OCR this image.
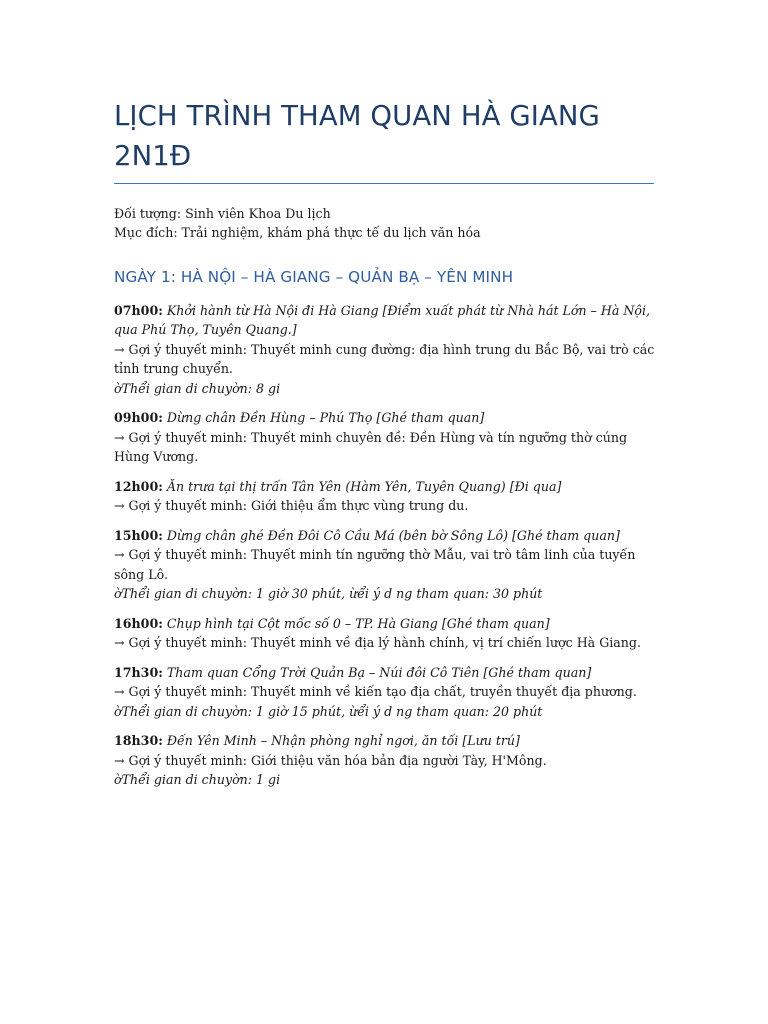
LỊCH TRÌNH THAM QUAN HÀ GIANG 2N1Đ
Đối tượng: Sinh viên Khoa Du lịch
Mục đích: Trải nghiệm, khám phá thực tế du lịch văn hóa
NGÀY 1: HÀ NỘI – HÀ GIANG – QUẢN BẠ – YÊN MINH
07h00: Khởi hành từ Hà Nội đi Hà Giang [Điểm xuất phát từ Nhà hát Lớn – Hà Nội, qua Phú Thọ, Tuyên Quang.]
→ Gợi ý thuyết minh: Thuyết minh cung đường: địa hình trung du Bắc Bộ, vai trò các tỉnh trung chuyển.
ờThểi gian di chuyờn: 8 gi
09h00: Dừng chân Đền Hùng – Phú Thọ [Ghé tham quan]
→ Gợi ý thuyết minh: Thuyết minh chuyên đề: Đền Hùng và tín ngưỡng thờ cúng Hùng Vương.
12h00: Ăn trưa tại thị trấn Tân Yên (Hàm Yên, Tuyên Quang) [Đi qua]
→ Gợi ý thuyết minh: Giới thiệu ẩm thực vùng trung du.
15h00: Dừng chân ghé Đền Đôi Cô Cầu Má (bên bờ Sông Lô) [Ghé tham quan]
→ Gợi ý thuyết minh: Thuyết minh tín ngưỡng thờ Mẫu, vai trò tâm linh của tuyến sông Lô.
ờThểi gian di chuyờn: 1 giờ 30 phút, ừểi ý d ng tham quan: 30 phút
16h00: Chụp hình tại Cột mốc số 0 – TP. Hà Giang [Ghé tham quan]
→ Gợi ý thuyết minh: Thuyết minh về địa lý hành chính, vị trí chiến lược Hà Giang.
17h30: Tham quan Cổng Trời Quản Bạ – Núi đôi Cô Tiên [Ghé tham quan]
→ Gợi ý thuyết minh: Thuyết minh về kiến tạo địa chất, truyền thuyết địa phương.
ờThểi gian di chuyờn: 1 giờ 15 phút, ừểi ý d ng tham quan: 20 phút
18h30: Đến Yên Minh – Nhận phòng nghỉ ngơi, ăn tối [Lưu trú]
→ Gợi ý thuyết minh: Giới thiệu văn hóa bản địa người Tày, H'Mông.
ờThểi gian di chuyờn: 1 gi
